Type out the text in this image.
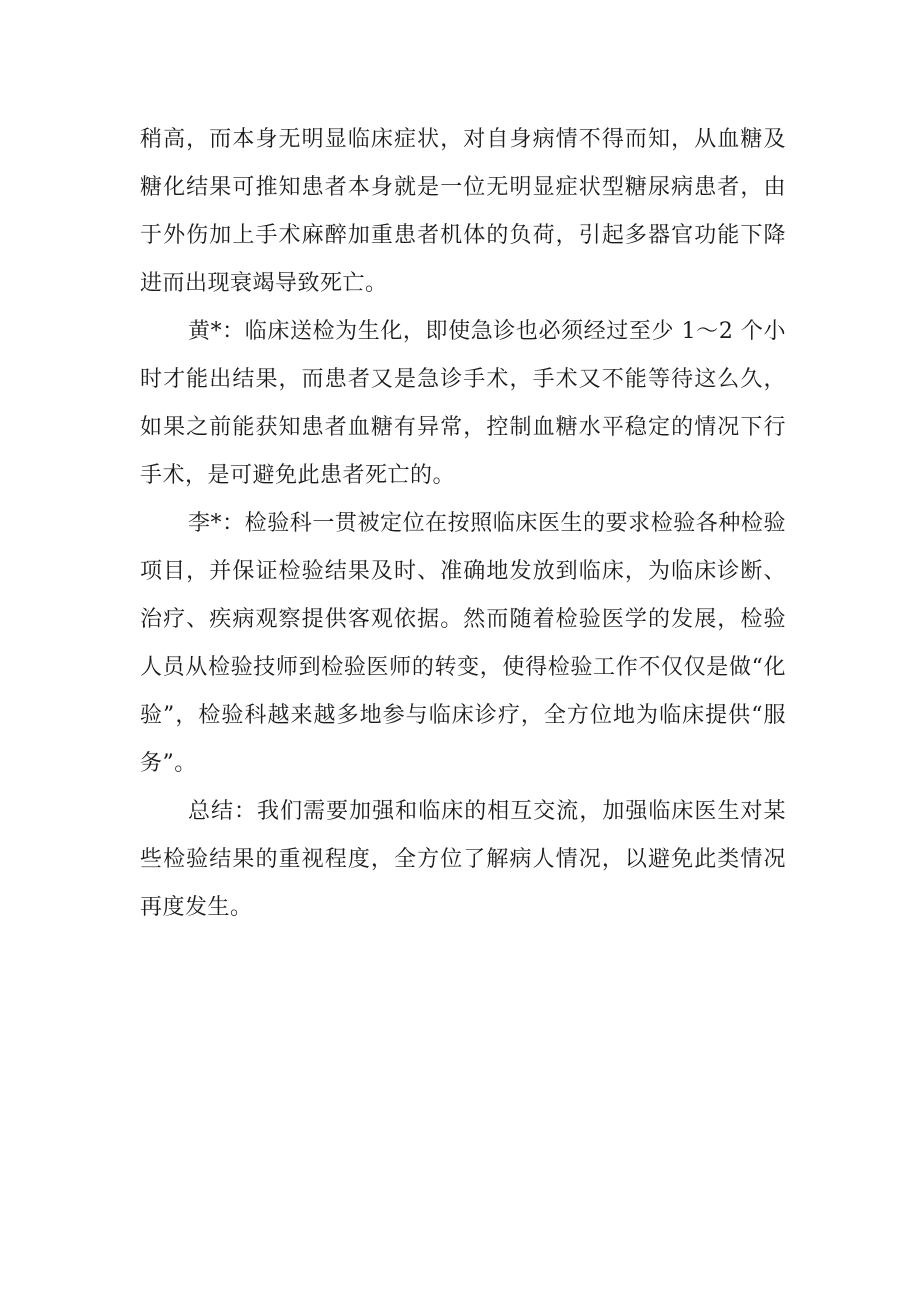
稍高，而本身无明显临床症状，对自身病情不得而知，从血糖及糖化结果可推知患者本身就是一位无明显症状型糖尿病患者，由于外伤加上手术麻醉加重患者机体的负荷，引起多器官功能下降进而出现衰竭导致死亡。

黄*：临床送检为生化，即使急诊也必须经过至少 1～2 个小时才能出结果，而患者又是急诊手术，手术又不能等待这么久，如果之前能获知患者血糖有异常，控制血糖水平稳定的情况下行手术，是可避免此患者死亡的。

李*：检验科一贯被定位在按照临床医生的要求检验各种检验项目，并保证检验结果及时、准确地发放到临床，为临床诊断、治疗、疾病观察提供客观依据。然而随着检验医学的发展，检验人员从检验技师到检验医师的转变，使得检验工作不仅仅是做“化验”，检验科越来越多地参与临床诊疗，全方位地为临床提供“服务”。

总结：我们需要加强和临床的相互交流，加强临床医生对某些检验结果的重视程度，全方位了解病人情况，以避免此类情况再度发生。
